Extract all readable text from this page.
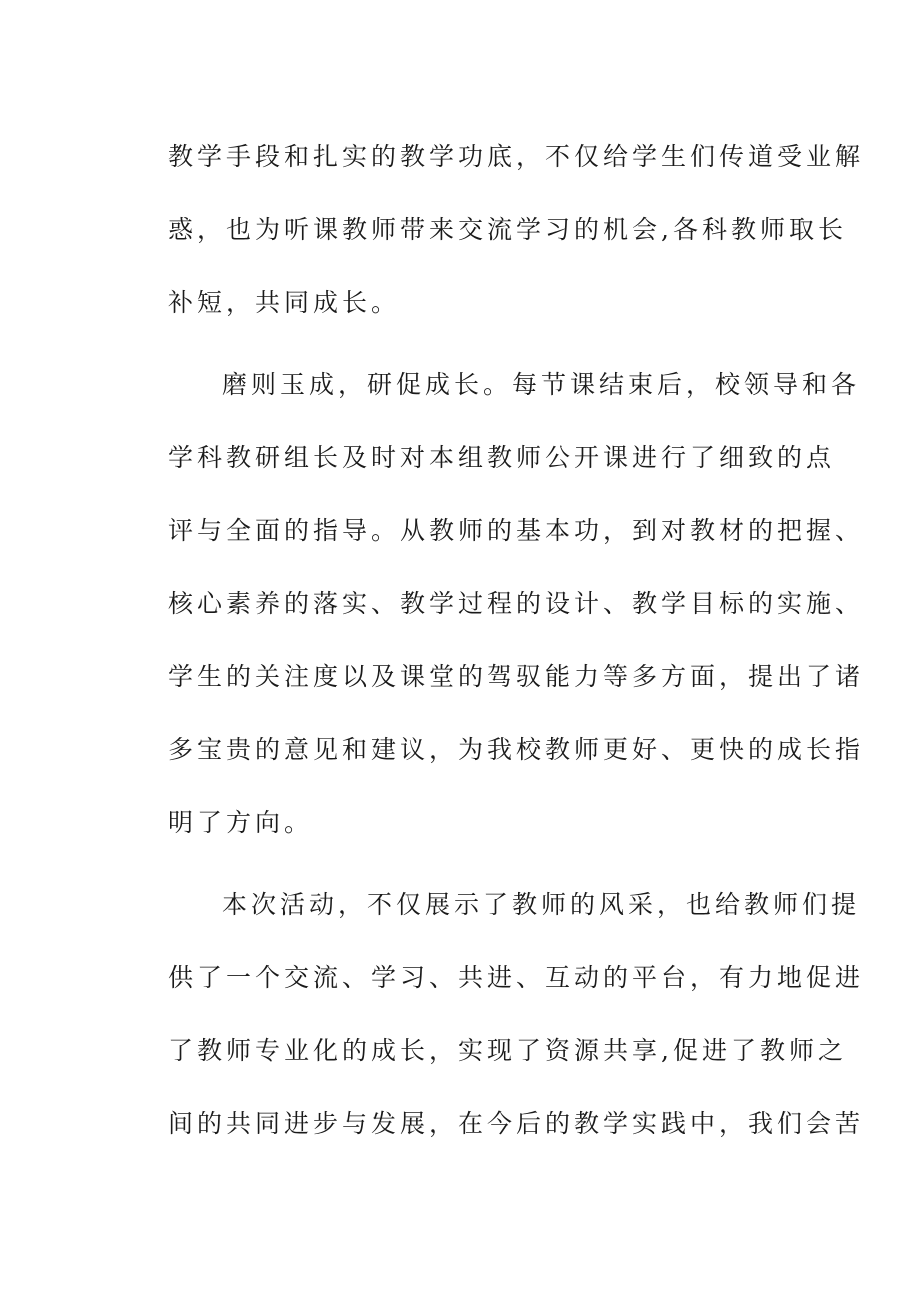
教学手段和扎实的教学功底，不仅给学生们传道受业解
惑，也为听课教师带来交流学习的机会,各科教师取长
补短，共同成长。
磨则玉成，研促成长。每节课结束后，校领导和各
学科教研组长及时对本组教师公开课进行了细致的点
评与全面的指导。从教师的基本功，到对教材的把握、
核心素养的落实、教学过程的设计、教学目标的实施、
学生的关注度以及课堂的驾驭能力等多方面，提出了诸
多宝贵的意见和建议，为我校教师更好、更快的成长指
明了方向。
本次活动，不仅展示了教师的风采，也给教师们提
供了一个交流、学习、共进、互动的平台，有力地促进
了教师专业化的成长，实现了资源共享,促进了教师之
间的共同进步与发展，在今后的教学实践中，我们会苦
